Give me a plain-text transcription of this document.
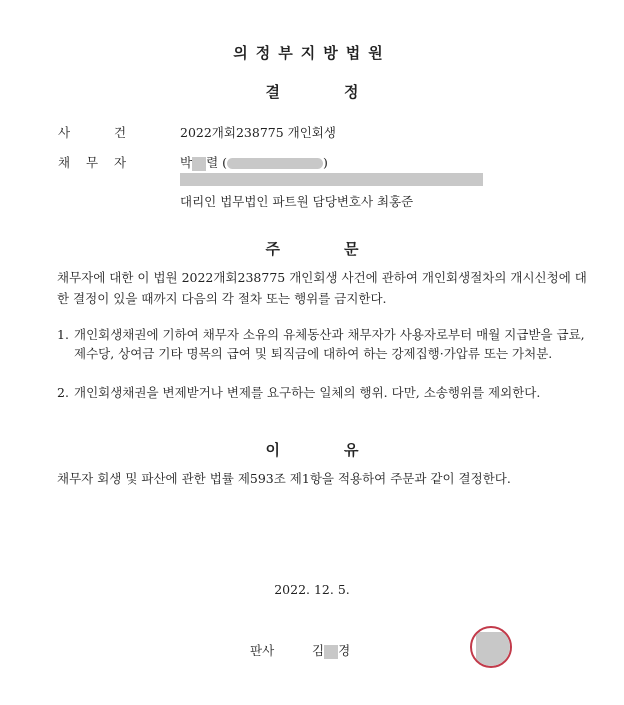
의정부지방법원
결	정
사	건	2022개회238775 개인회생
채 무 자	박 렬 (	)
대리인 법무법인 파트원 담당변호사 최홍준
주	문
채무자에 대한 이 법원 2022개회238775 개인회생 사건에 관하여 개인회생절차의 개시신청에 대한 결정이 있을 때까지 다음의 각 절차 또는 행위를 금지한다.
1. 개인회생채권에 기하여 채무자 소유의 유체동산과 채무자가 사용자로부터 매월 지급받을 급료, 제수당, 상여금 기타 명목의 급여 및 퇴직금에 대하여 하는 강제집행·가압류 또는 가처분.
2. 개인회생채권을 변제받거나 변제를 요구하는 일체의 행위. 다만, 소송행위를 제외한다.
이	유
채무자 회생 및 파산에 관한 법률 제593조 제1항을 적용하여 주문과 같이 결정한다.
2022. 12. 5.
판사	김 경
